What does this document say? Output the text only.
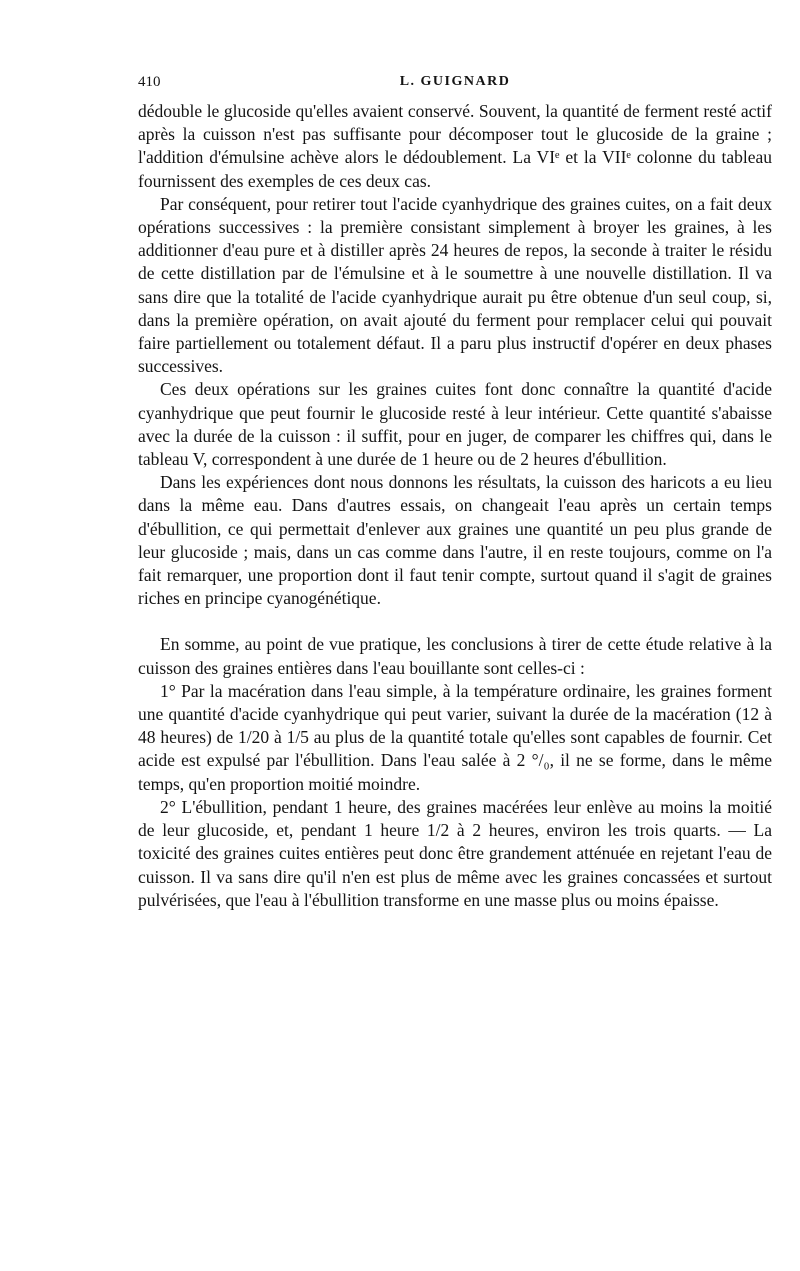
410	L. GUIGNARD

dédouble le glucoside qu'elles avaient conservé. Souvent, la quantité de ferment resté actif après la cuisson n'est pas suffisante pour décomposer tout le glucoside de la graine ; l'addition d'émulsine achève alors le dédoublement. La VIᵉ et la VIIᵉ colonne du tableau fournissent des exemples de ces deux cas.

Par conséquent, pour retirer tout l'acide cyanhydrique des graines cuites, on a fait deux opérations successives : la première consistant simplement à broyer les graines, à les additionner d'eau pure et à distiller après 24 heures de repos, la seconde à traiter le résidu de cette distillation par de l'émulsine et à le soumettre à une nouvelle distillation. Il va sans dire que la totalité de l'acide cyanhydrique aurait pu être obtenue d'un seul coup, si, dans la première opération, on avait ajouté du ferment pour remplacer celui qui pouvait faire partiellement ou totalement défaut. Il a paru plus instructif d'opérer en deux phases successives.

Ces deux opérations sur les graines cuites font donc connaître la quantité d'acide cyanhydrique que peut fournir le glucoside resté à leur intérieur. Cette quantité s'abaisse avec la durée de la cuisson : il suffit, pour en juger, de comparer les chiffres qui, dans le tableau V, correspondent à une durée de 1 heure ou de 2 heures d'ébullition.

Dans les expériences dont nous donnons les résultats, la cuisson des haricots a eu lieu dans la même eau. Dans d'autres essais, on changeait l'eau après un certain temps d'ébullition, ce qui permettait d'enlever aux graines une quantité un peu plus grande de leur glucoside ; mais, dans un cas comme dans l'autre, il en reste toujours, comme on l'a fait remarquer, une proportion dont il faut tenir compte, surtout quand il s'agit de graines riches en principe cyanogénétique.

En somme, au point de vue pratique, les conclusions à tirer de cette étude relative à la cuisson des graines entières dans l'eau bouillante sont celles-ci :

1° Par la macération dans l'eau simple, à la température ordinaire, les graines forment une quantité d'acide cyanhydrique qui peut varier, suivant la durée de la macération (12 à 48 heures) de 1/20 à 1/5 au plus de la quantité totale qu'elles sont capables de fournir. Cet acide est expulsé par l'ébullition. Dans l'eau salée à 2 °/₀, il ne se forme, dans le même temps, qu'en proportion moitié moindre.

2° L'ébullition, pendant 1 heure, des graines macérées leur enlève au moins la moitié de leur glucoside, et, pendant 1 heure 1/2 à 2 heures, environ les trois quarts. — La toxicité des graines cuites entières peut donc être grandement atténuée en rejetant l'eau de cuisson. Il va sans dire qu'il n'en est plus de même avec les graines concassées et surtout pulvérisées, que l'eau à l'ébullition transforme en une masse plus ou moins épaisse.
